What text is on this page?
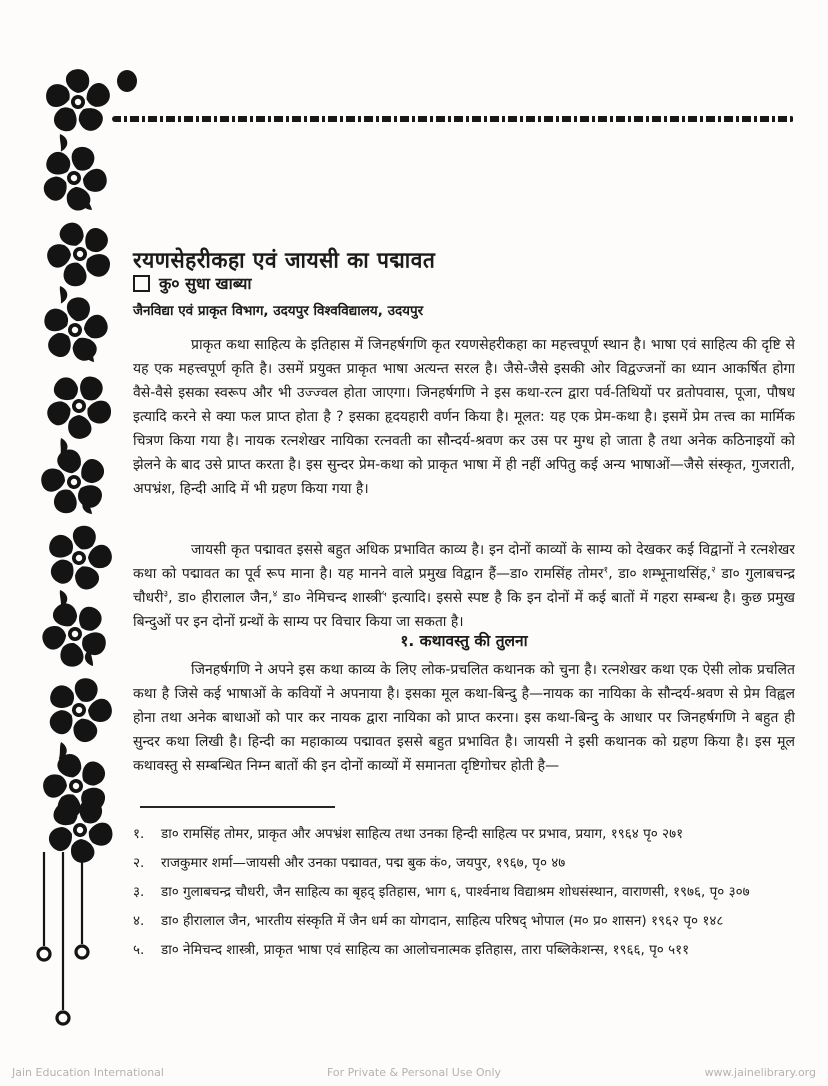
रयणसेहरीकहा एवं जायसी का पद्मावत
कु० सुधा खाब्या
जैनविद्या एवं प्राकृत विभाग, उदयपुर विश्वविद्यालय, उदयपुर

प्राकृत कथा साहित्य के इतिहास में जिनहर्षगणि कृत रयणसेहरीकहा का महत्त्वपूर्ण स्थान है। भाषा एवं साहित्य की दृष्टि से यह एक महत्त्वपूर्ण कृति है। उसमें प्रयुक्त प्राकृत भाषा अत्यन्त सरल है। जैसे-जैसे इसकी ओर विद्वज्जनों का ध्यान आकर्षित होगा वैसे-वैसे इसका स्वरूप और भी उज्ज्वल होता जाएगा। जिनहर्षगणि ने इस कथा-रत्न द्वारा पर्व-तिथियों पर व्रतोपवास, पूजा, पौषध इत्यादि करने से क्या फल प्राप्त होता है ? इसका हृदयहारी वर्णन किया है। मूलत: यह एक प्रेम-कथा है। इसमें प्रेम तत्त्व का मार्मिक चित्रण किया गया है। नायक रत्नशेखर नायिका रत्नवती का सौन्दर्य-श्रवण कर उस पर मुग्ध हो जाता है तथा अनेक कठिनाइयों को झेलने के बाद उसे प्राप्त करता है। इस सुन्दर प्रेम-कथा को प्राकृत भाषा में ही नहीं अपितु कई अन्य भाषाओं—जैसे संस्कृत, गुजराती, अपभ्रंश, हिन्दी आदि में भी ग्रहण किया गया है।

जायसी कृत पद्मावत इससे बहुत अधिक प्रभावित काव्य है। इन दोनों काव्यों के साम्य को देखकर कई विद्वानों ने रत्नशेखर कथा को पद्मावत का पूर्व रूप माना है। यह मानने वाले प्रमुख विद्वान हैं—डा० रामसिंह तोमर$^१$, डा० शम्भूनाथसिंह,$^२$ डा० गुलाबचन्द्र चौधरी$^३$, डा० हीरालाल जैन,$^४$ डा० नेमिचन्द शास्त्री$^५$ इत्यादि। इससे स्पष्ट है कि इन दोनों में कई बातों में गहरा सम्बन्ध है। कुछ प्रमुख बिन्दुओं पर इन दोनों ग्रन्थों के साम्य पर विचार किया जा सकता है।

१. कथावस्तु की तुलना

जिनहर्षगणि ने अपने इस कथा काव्य के लिए लोक-प्रचलित कथानक को चुना है। रत्नशेखर कथा एक ऐसी लोक प्रचलित कथा है जिसे कई भाषाओं के कवियों ने अपनाया है। इसका मूल कथा-बिन्दु है—नायक का नायिका के सौन्दर्य-श्रवण से प्रेम विह्वल होना तथा अनेक बाधाओं को पार कर नायक द्वारा नायिका को प्राप्त करना। इस कथा-बिन्दु के आधार पर जिनहर्षगणि ने बहुत ही सुन्दर कथा लिखी है। हिन्दी का महाकाव्य पद्मावत इससे बहुत प्रभावित है। जायसी ने इसी कथानक को ग्रहण किया है। इस मूल कथावस्तु से सम्बन्धित निम्न बातों की इन दोनों काव्यों में समानता दृष्टिगोचर होती है—

१.	डा० रामसिंह तोमर, प्राकृत और अपभ्रंश साहित्य तथा उनका हिन्दी साहित्य पर प्रभाव, प्रयाग, १९६४ पृ० २७१
२.	राजकुमार शर्मा—जायसी और उनका पद्मावत, पद्म बुक कं०, जयपुर, १९६७, पृ० ४७
३.	डा० गुलाबचन्द्र चौधरी, जैन साहित्य का बृहद् इतिहास, भाग ६, पार्श्वनाथ विद्याश्रम शोधसंस्थान, वाराणसी, १९७६, पृ० ३०७
४.	डा० हीरालाल जैन, भारतीय संस्कृति में जैन धर्म का योगदान, साहित्य परिषद् भोपाल (म० प्र० शासन) १९६२ पृ० १४८
५.	डा० नेमिचन्द शास्त्री, प्राकृत भाषा एवं साहित्य का आलोचनात्मक इतिहास, तारा पब्लिकेशन्स, १९६६, पृ० ५११
Jain Education International	For Private & Personal Use Only	www.jainelibrary.org
